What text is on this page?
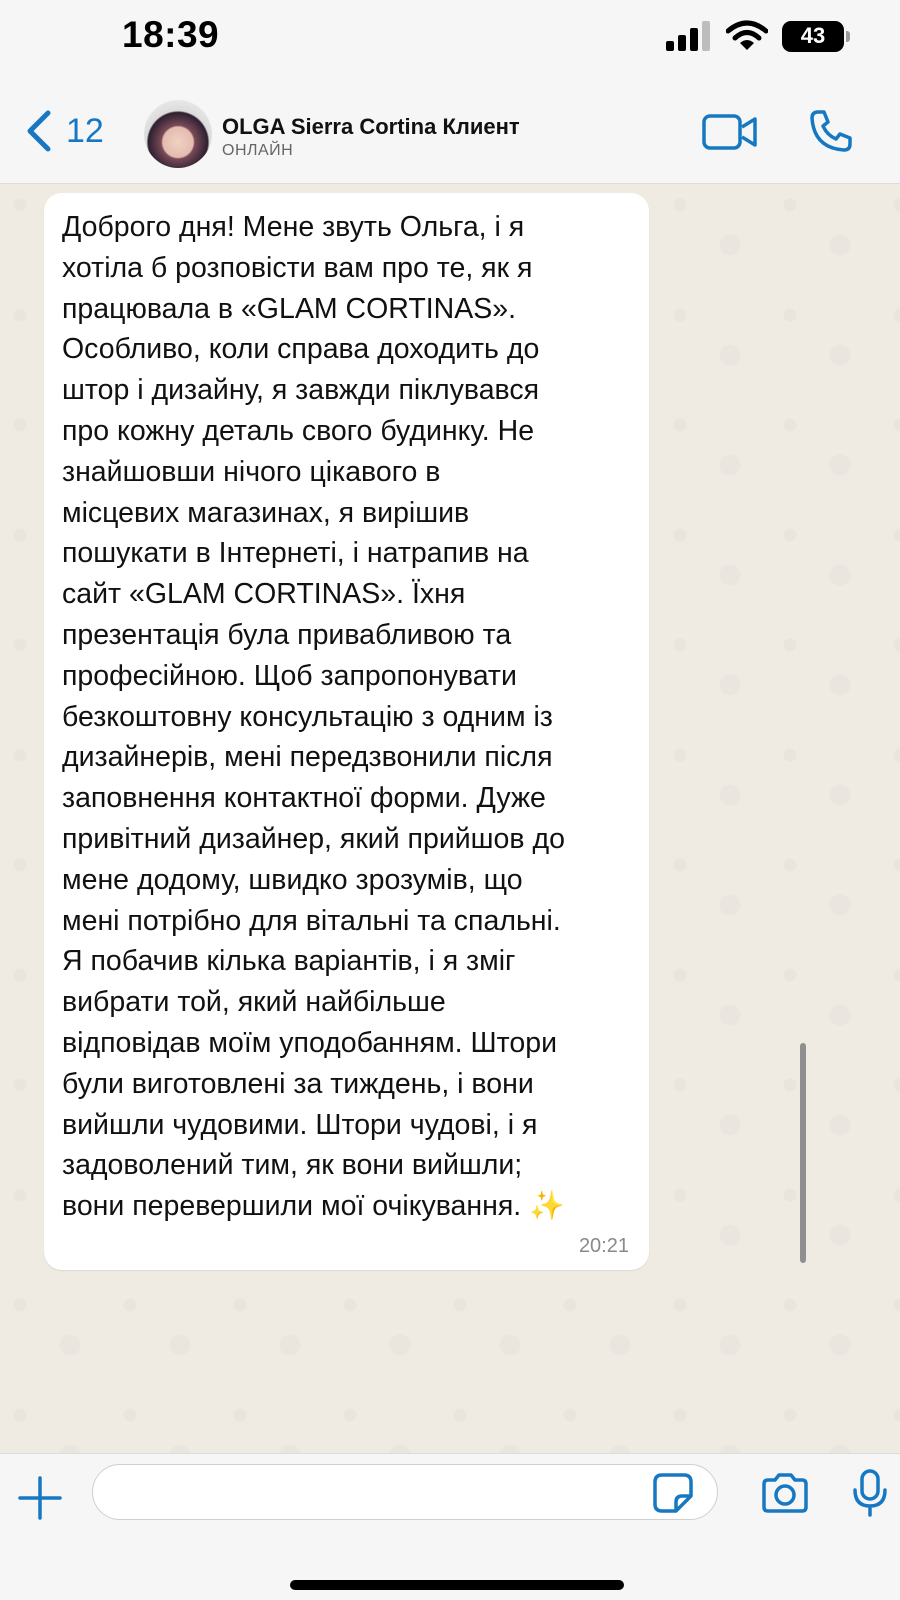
18:39	43
12	OLGA Sierra Cortina Клиент
ОНЛАЙН
Доброго дня! Мене звуть Ольга, і я
хотіла б розповісти вам про те, як я
працювала в «GLAM CORTINAS».
Особливо, коли справа доходить до
штор і дизайну, я завжди піклувався
про кожну деталь свого будинку. Не
знайшовши нічого цікавого в
місцевих магазинах, я вирішив
пошукати в Інтернеті, і натрапив на
сайт «GLAM CORTINAS». Їхня
презентація була привабливою та
професійною. Щоб запропонувати
безкоштовну консультацію з одним із
дизайнерів, мені передзвонили після
заповнення контактної форми. Дуже
привітний дизайнер, який прийшов до
мене додому, швидко зрозумів, що
мені потрібно для вітальні та спальні.
Я побачив кілька варіантів, і я зміг
вибрати той, який найбільше
відповідав моїм уподобанням. Штори
були виготовлені за тиждень, і вони
вийшли чудовими. Штори чудові, і я
задоволений тим, як вони вийшли;
вони перевершили мої очікування. ✨
20:21
